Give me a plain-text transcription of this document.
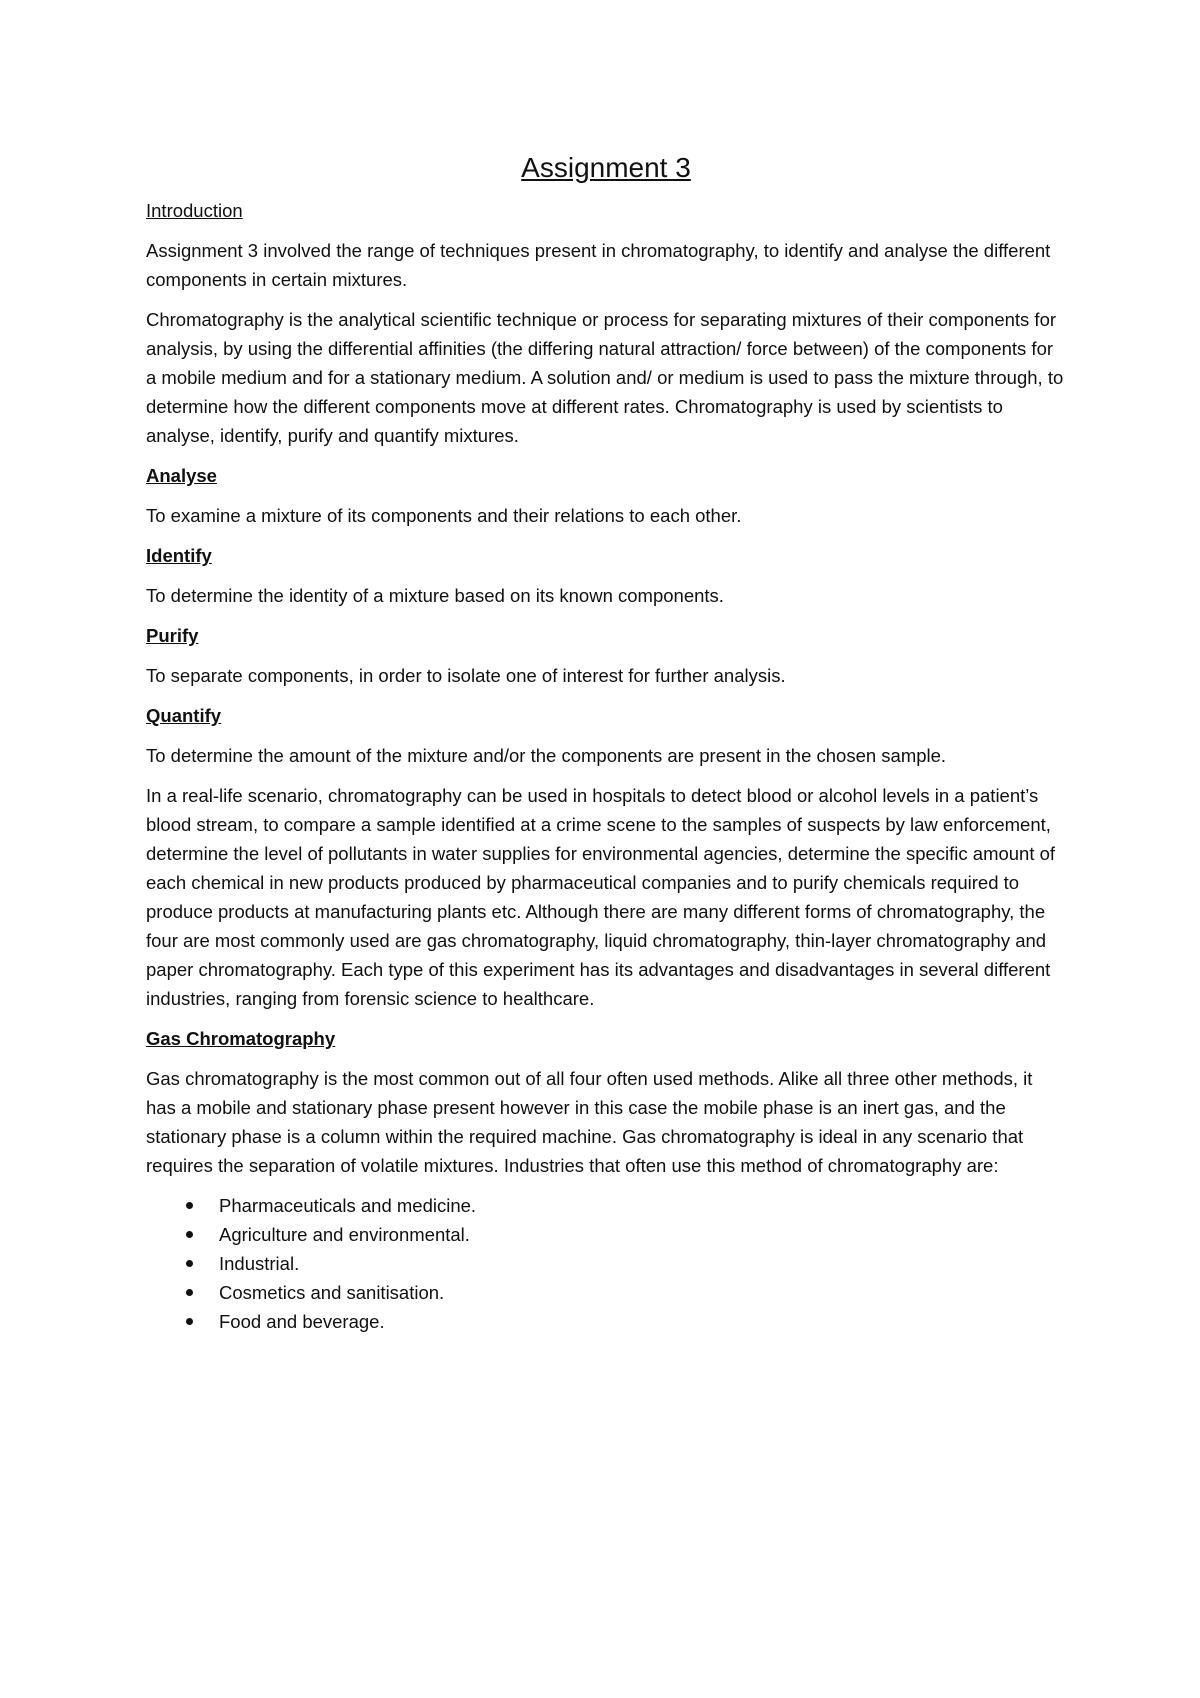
Assignment 3
Introduction

Assignment 3 involved the range of techniques present in chromatography, to identify and analyse the different components in certain mixtures.

Chromatography is the analytical scientific technique or process for separating mixtures of their components for analysis, by using the differential affinities (the differing natural attraction/ force between) of the components for a mobile medium and for a stationary medium. A solution and/ or medium is used to pass the mixture through, to determine how the different components move at different rates. Chromatography is used by scientists to analyse, identify, purify and quantify mixtures.

Analyse

To examine a mixture of its components and their relations to each other.

Identify

To determine the identity of a mixture based on its known components.

Purify

To separate components, in order to isolate one of interest for further analysis.

Quantify

To determine the amount of the mixture and/or the components are present in the chosen sample.

In a real-life scenario, chromatography can be used in hospitals to detect blood or alcohol levels in a patient’s blood stream, to compare a sample identified at a crime scene to the samples of suspects by law enforcement, determine the level of pollutants in water supplies for environmental agencies, determine the specific amount of each chemical in new products produced by pharmaceutical companies and to purify chemicals required to produce products at manufacturing plants etc. Although there are many different forms of chromatography, the four are most commonly used are gas chromatography, liquid chromatography, thin-layer chromatography and paper chromatography. Each type of this experiment has its advantages and disadvantages in several different industries, ranging from forensic science to healthcare.

Gas Chromatography

Gas chromatography is the most common out of all four often used methods. Alike all three other methods, it has a mobile and stationary phase present however in this case the mobile phase is an inert gas, and the stationary phase is a column within the required machine. Gas chromatography is ideal in any scenario that requires the separation of volatile mixtures. Industries that often use this method of chromatography are:

Pharmaceuticals and medicine.
Agriculture and environmental.
Industrial.
Cosmetics and sanitisation.
Food and beverage.
